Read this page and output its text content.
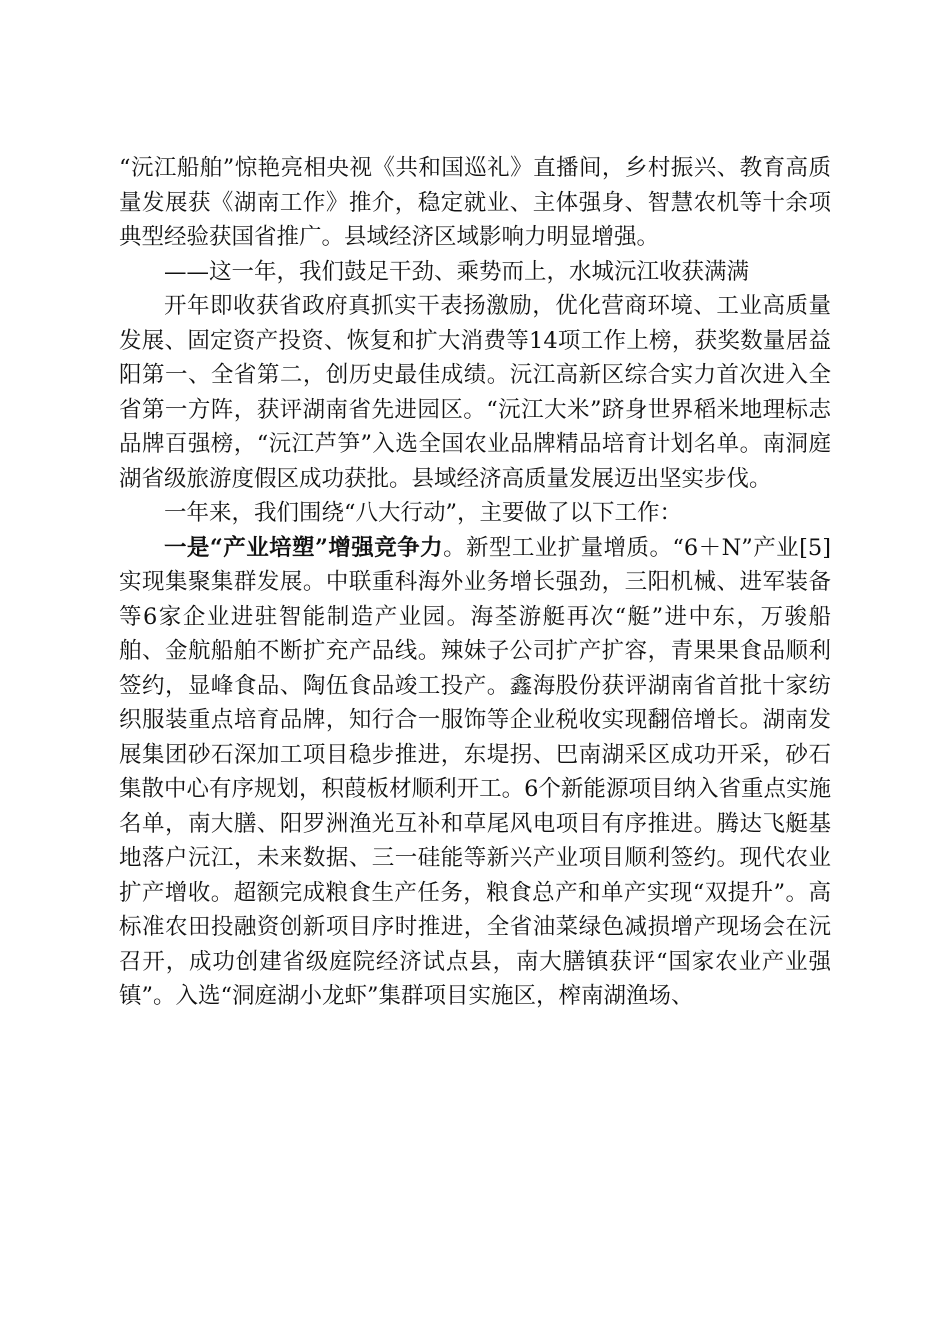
“沅江船舶”惊艳亮相央视《共和国巡礼》直播间，乡村振兴、教育高质量发展获《湖南工作》推介，稳定就业、主体强身、智慧农机等十余项典型经验获国省推广。县域经济区域影响力明显增强。

——这一年，我们鼓足干劲、乘势而上，水城沅江收获满满

开年即收获省政府真抓实干表扬激励，优化营商环境、工业高质量发展、固定资产投资、恢复和扩大消费等14项工作上榜，获奖数量居益阳第一、全省第二，创历史最佳成绩。沅江高新区综合实力首次进入全省第一方阵，获评湖南省先进园区。“沅江大米”跻身世界稻米地理标志品牌百强榜，“沅江芦笋”入选全国农业品牌精品培育计划名单。南洞庭湖省级旅游度假区成功获批。县域经济高质量发展迈出坚实步伐。

一年来，我们围绕“八大行动”，主要做了以下工作：

一是“产业培塑”增强竞争力。新型工业扩量增质。“6＋N”产业[5]实现集聚集群发展。中联重科海外业务增长强劲，三阳机械、进军装备等6家企业进驻智能制造产业园。海荃游艇再次“艇”进中东，万骏船舶、金航船舶不断扩充产品线。辣妹子公司扩产扩容，青果果食品顺利签约，显峰食品、陶伍食品竣工投产。鑫海股份获评湖南省首批十家纺织服装重点培育品牌，知行合一服饰等企业税收实现翻倍增长。湖南发展集团砂石深加工项目稳步推进，东堤拐、巴南湖采区成功开采，砂石集散中心有序规划，积葭板材顺利开工。6个新能源项目纳入省重点实施名单，南大膳、阳罗洲渔光互补和草尾风电项目有序推进。腾达飞艇基地落户沅江，未来数据、三一硅能等新兴产业项目顺利签约。现代农业扩产增收。超额完成粮食生产任务，粮食总产和单产实现“双提升”。高标准农田投融资创新项目序时推进，全省油菜绿色减损增产现场会在沅召开，成功创建省级庭院经济试点县，南大膳镇获评“国家农业产业强镇”。入选“洞庭湖小龙虾”集群项目实施区，榨南湖渔场、
